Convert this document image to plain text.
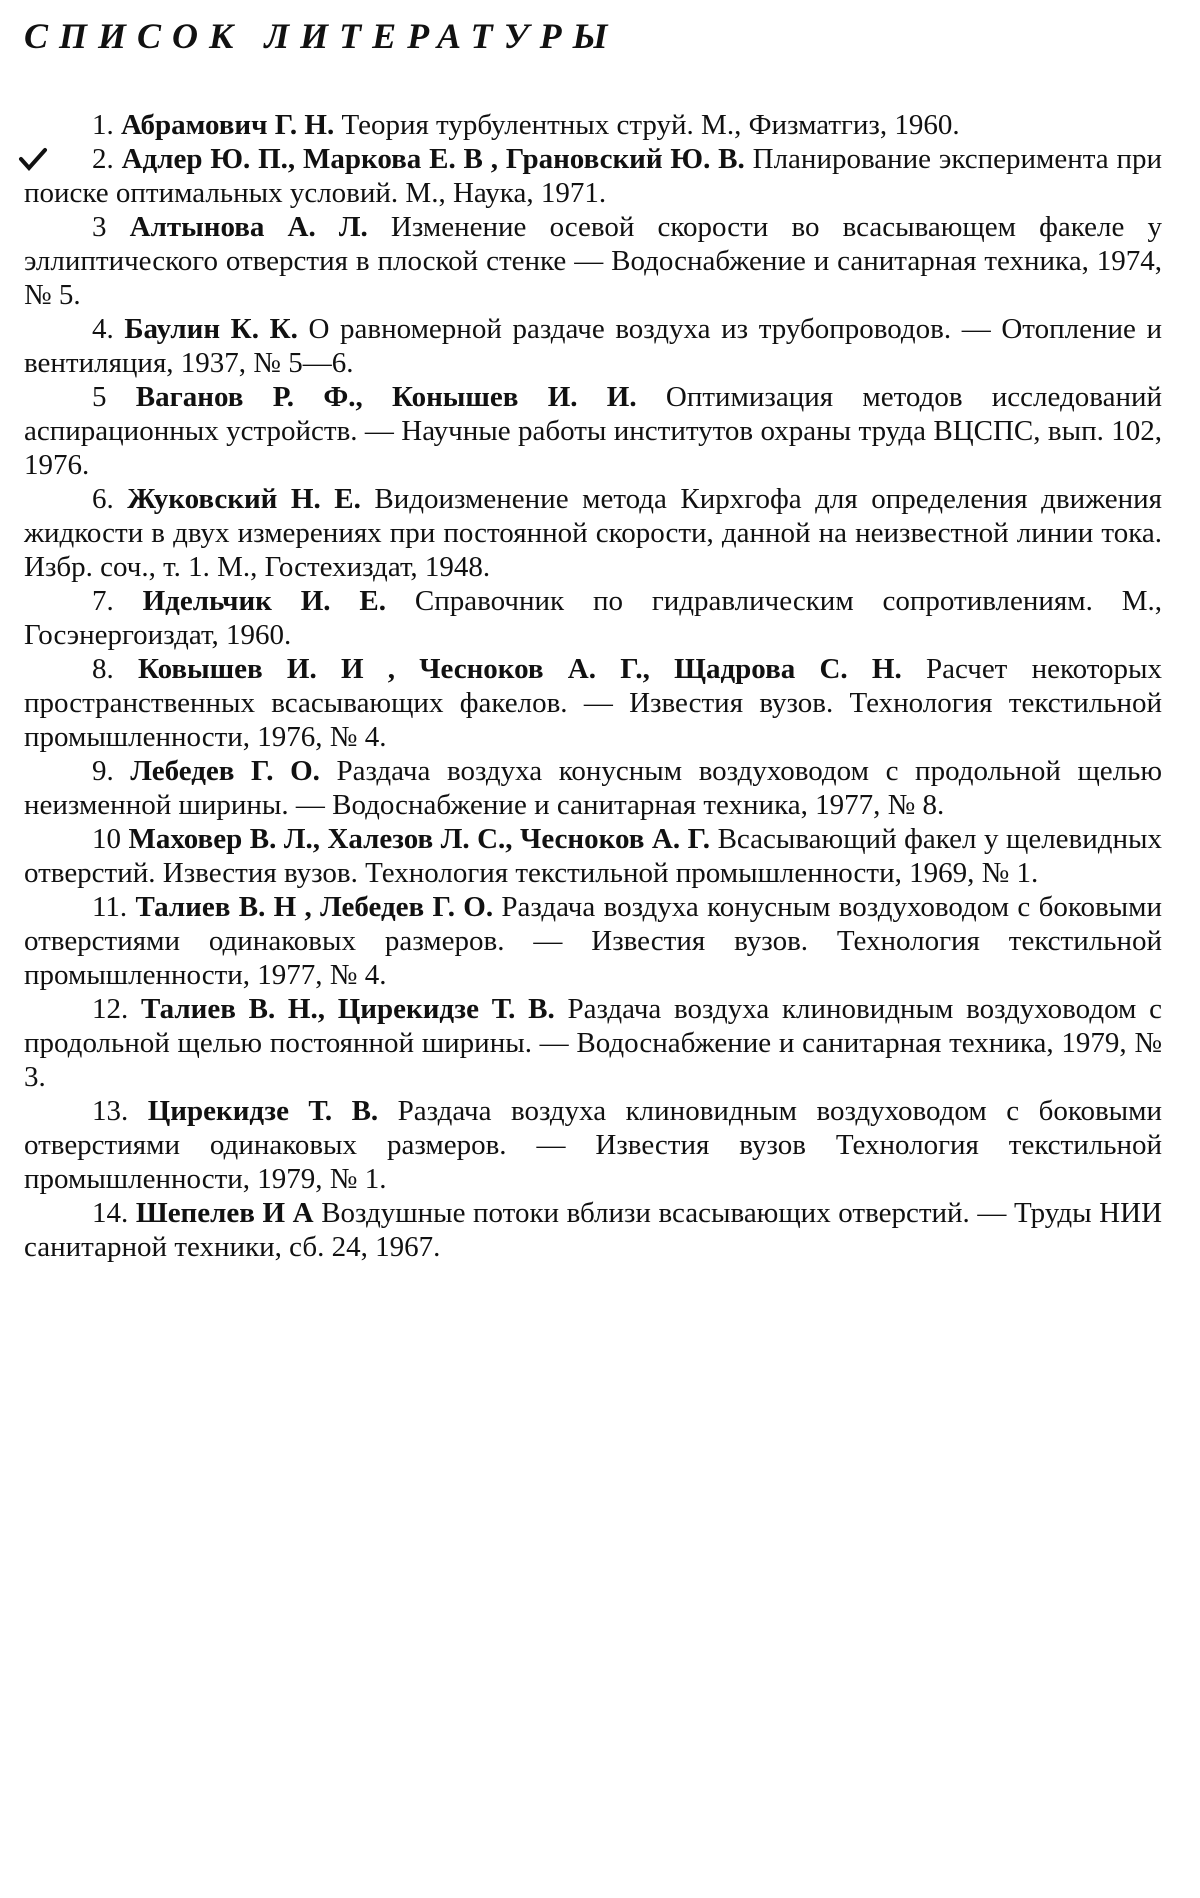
СПИСОК ЛИТЕРАТУРЫ
1. Абрамович Г. Н. Теория турбулентных струй. М., Физматгиз, 1960.
2. Адлер Ю. П., Маркова Е. В , Грановский Ю. В. Планирование эксперимента при поиске оптимальных условий. М., Наука, 1971.
3 Алтынова А. Л. Изменение осевой скорости во всасывающем факеле у эллиптического отверстия в плоской стенке — Водоснабжение и санитарная техника, 1974, № 5.
4. Баулин К. К. О равномерной раздаче воздуха из трубопроводов. — Отопление и вентиляция, 1937, № 5—6.
5 Ваганов Р. Ф., Конышев И. И. Оптимизация методов исследований аспирационных устройств. — Научные работы институтов охраны труда ВЦСПС, вып. 102, 1976.
6. Жуковский Н. Е. Видоизменение метода Кирхгофа для определения движения жидкости в двух измерениях при постоянной скорости, данной на неизвестной линии тока. Избр. соч., т. 1. М., Гостехиздат, 1948.
7. Идельчик И. Е. Справочник по гидравлическим сопротивлениям. М., Госэнергоиздат, 1960.
8. Ковышев И. И , Чесноков А. Г., Щадрова С. Н. Расчет некоторых пространственных всасывающих факелов. — Известия вузов. Технология текстильной промышленности, 1976, № 4.
9. Лебедев Г. О. Раздача воздуха конусным воздуховодом с продольной щелью неизменной ширины. — Водоснабжение и санитарная техника, 1977, № 8.
10 Маховер В. Л., Халезов Л. С., Чесноков А. Г. Всасывающий факел у щелевидных отверстий. Известия вузов. Технология текстильной промышленности, 1969, № 1.
11. Талиев В. Н , Лебедев Г. О. Раздача воздуха конусным воздуховодом с боковыми отверстиями одинаковых размеров. — Известия вузов. Технология текстильной промышленности, 1977, № 4.
12. Талиев В. Н., Цирекидзе Т. В. Раздача воздуха клиновидным воздуховодом с продольной щелью постоянной ширины. — Водоснабжение и санитарная техника, 1979, № 3.
13. Цирекидзе Т. В. Раздача воздуха клиновидным воздуховодом с боковыми отверстиями одинаковых размеров. — Известия вузов Технология текстильной промышленности, 1979, № 1.
14. Шепелев И А Воздушные потоки вблизи всасывающих отверстий. — Труды НИИ санитарной техники, сб. 24, 1967.
